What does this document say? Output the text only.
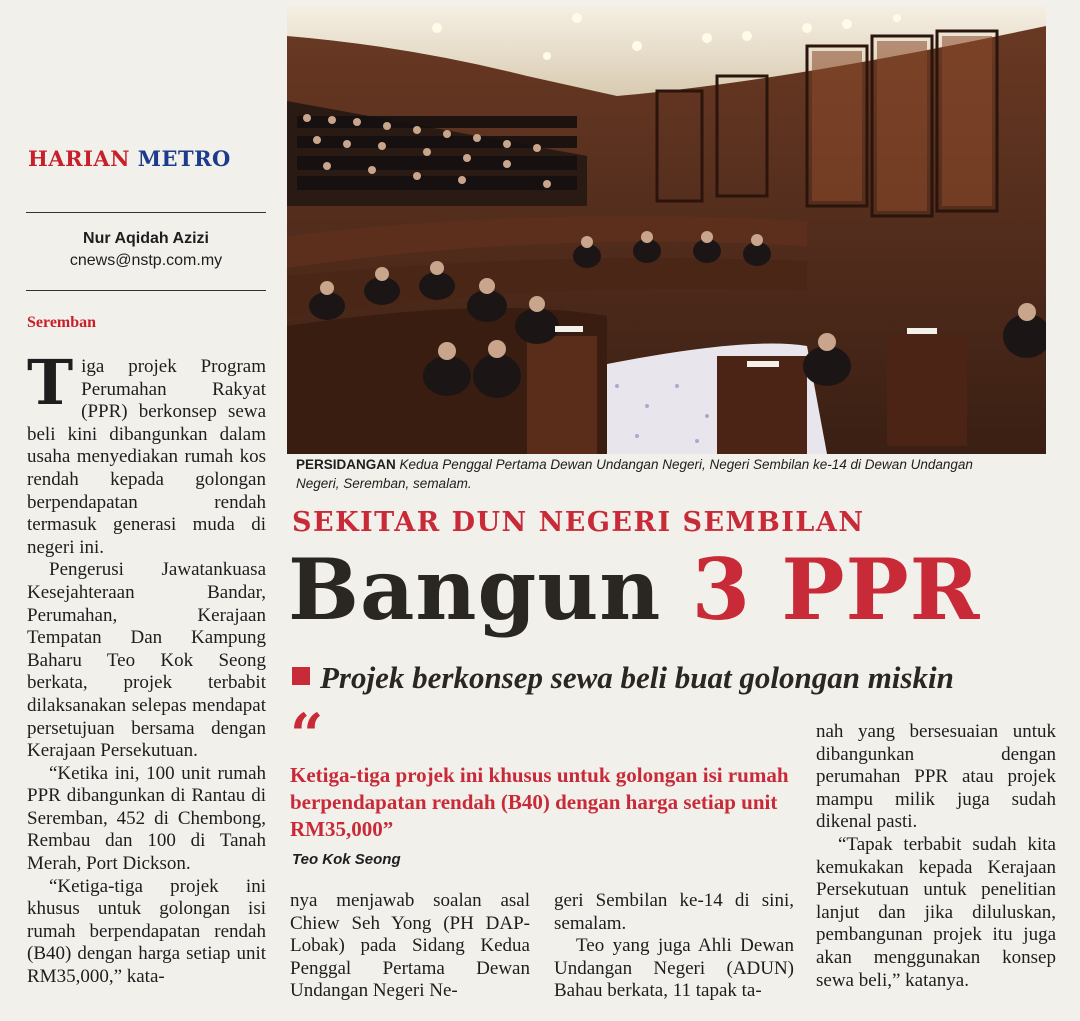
HARIAN METRO
Nur Aqidah Azizi
cnews@nstp.com.my
Seremban

Tiga projek Program Perumahan Rakyat (PPR) berkonsep sewa beli kini dibangunkan dalam usaha menyediakan rumah kos rendah kepada golongan berpendapatan rendah termasuk generasi muda di negeri ini.

Pengerusi Jawatankuasa Kesejahteraan Bandar, Perumahan, Kerajaan Tempatan Dan Kampung Baharu Teo Kok Seong berkata, projek terbabit dilaksanakan selepas mendapat persetujuan bersama dengan Kerajaan Persekutuan.

“Ketika ini, 100 unit rumah PPR dibangunkan di Rantau di Seremban, 452 di Chembong, Rembau dan 100 di Tanah Merah, Port Dickson.

“Ketiga-tiga projek ini khusus untuk golongan isi rumah berpendapatan rendah (B40) dengan harga setiap unit RM35,000,” kata-

PERSIDANGAN Kedua Penggal Pertama Dewan Undangan Negeri, Negeri Sembilan ke-14 di Dewan Undangan Negeri, Seremban, semalam.
SEKITAR DUN NEGERI SEMBILAN
Bangun 3 PPR
Projek berkonsep sewa beli buat golongan miskin
“
Ketiga-tiga projek ini khusus untuk golongan isi rumah berpendapatan rendah (B40) dengan harga setiap unit RM35,000”
Teo Kok Seong

nya menjawab soalan asal Chiew Seh Yong (PH DAP-Lobak) pada Sidang Kedua Penggal Pertama Dewan Undangan Negeri Ne-

geri Sembilan ke-14 di sini, semalam.

Teo yang juga Ahli Dewan Undangan Negeri (ADUN) Bahau berkata, 11 tapak ta-

nah yang bersesuaian untuk dibangunkan dengan perumahan PPR atau projek mampu milik juga sudah dikenal pasti.

“Tapak terbabit sudah kita kemukakan kepada Kerajaan Persekutuan untuk penelitian lanjut dan jika diluluskan, pembangunan projek itu juga akan menggunakan konsep sewa beli,” katanya.
